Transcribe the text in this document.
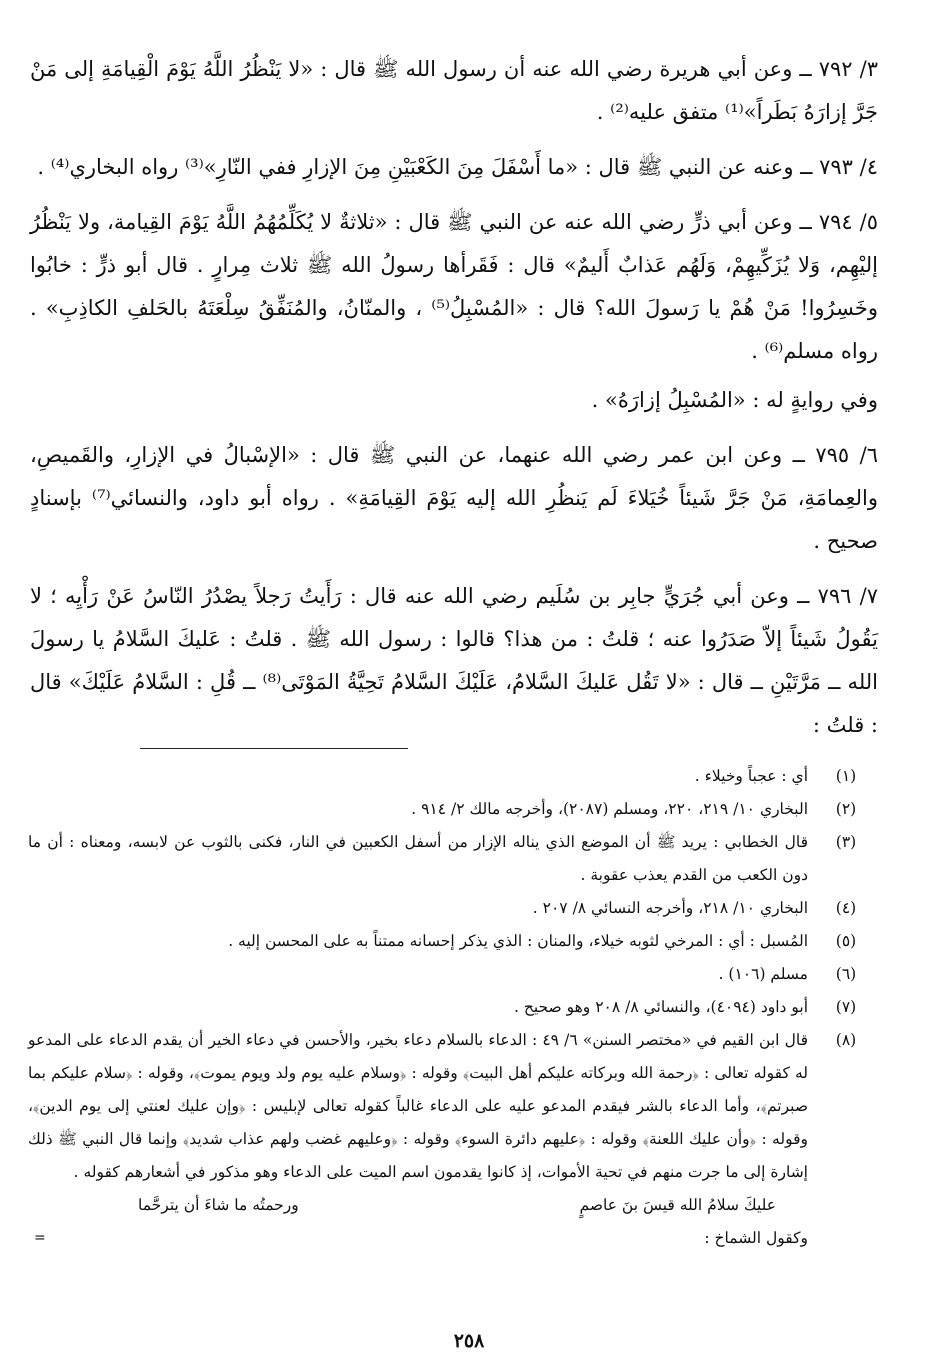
٣/ ٧٩٢ ــ وعن أبي هريرة رضي الله عنه أن رسول الله ﷺ قال : «لا يَنْظُرُ اللَّهُ يَوْمَ الْقِيامَةِ إلى مَنْ جَرَّ إزارَهُ بَطَراً»⁽¹⁾ متفق عليه⁽²⁾ .

٤/ ٧٩٣ ــ وعنه عن النبي ﷺ قال : «ما أَسْفَلَ مِنَ الكَعْبَيْنِ مِنَ الإزارِ ففي النّارِ»⁽³⁾ رواه البخاري⁽⁴⁾ .

٥/ ٧٩٤ ــ وعن أبي ذرٍّ رضي الله عنه عن النبي ﷺ قال : «ثلاثةٌ لا يُكَلِّمُهُمُ اللَّهُ يَوْمَ القِيامة، ولا يَنْظُرُ إليْهِم، وَلا يُزَكِّيهِمْ، وَلَهُم عَذابٌ أَليمٌ» قال : فَقَرأها رسولُ الله ﷺ ثلاث مِرارٍ . قال أبو ذرٍّ : خابُوا وخَسِرُوا! مَنْ هُمْ يا رَسولَ الله؟ قال : «المُسْبِلُ⁽⁵⁾ ، والمنّانُ، والمُنَفِّقُ سِلْعَتَهُ بالحَلفِ الكاذِبِ» . رواه مسلم⁽⁶⁾ .

وفي روايةٍ له : «المُسْبِلُ إزارَهُ» .

٦/ ٧٩٥ ــ وعن ابن عمر رضي الله عنهما، عن النبي ﷺ قال : «الإسْبالُ في الإزارِ، والقَميصِ، والعِمامَةِ، مَنْ جَرَّ شَيئاً خُيَلاءَ لَم يَنظُرِ الله إليه يَوْمَ القِيامَةِ» . رواه أبو داود، والنسائي⁽⁷⁾ بإسنادٍ صحيح .

٧/ ٧٩٦ ــ وعن أبي جُرَيٍّ جابِر بن سُلَيم رضي الله عنه قال : رَأَيتُ رَجلاً يصْدُرُ النّاسُ عَنْ رَأْيِه ؛ لا يَقُولُ شَيئاً إلاّ صَدَرُوا عنه ؛ قلتُ : من هذا؟ قالوا : رسول الله ﷺ . قلتُ : عَليكَ السَّلامُ يا رسولَ الله ــ مَرَّتَيْنِ ــ قال : «لا تَقُل عَليكَ السَّلامُ، عَلَيْكَ السَّلامُ تَحِيَّةُ المَوْتَى⁽⁸⁾ ــ قُلِ : السَّلامُ عَلَيْكَ» قال : قلتُ :

(١)
أي : عجباً وخيلاء .
(٢)
البخاري ١٠/ ٢١٩، ٢٢٠، ومسلم (٢٠٨٧)، وأخرجه مالك ٢/ ٩١٤ .
(٣)
قال الخطابي : يريد ﷺ أن الموضع الذي يناله الإزار من أسفل الكعبين في النار، فكنى بالثوب عن لابسه، ومعناه : أن ما دون الكعب من القدم يعذب عقوبة .
(٤)
البخاري ١٠/ ٢١٨، وأخرجه النسائي ٨/ ٢٠٧ .
(٥)
المُسبل : أي : المرخي لثوبه خيلاء، والمنان : الذي يذكر إحسانه ممتناً به على المحسن إليه .
(٦)
مسلم (١٠٦) .
(٧)
أبو داود (٤٠٩٤)، والنسائي ٨/ ٢٠٨ وهو صحيح .
(٨)
قال ابن القيم في «مختصر السنن» ٦/ ٤٩ : الدعاء بالسلام دعاء بخير، والأحسن في دعاء الخير أن يقدم الدعاء على المدعو له كقوله تعالى : ﴿رحمة الله وبركاته عليكم أهل البيت﴾ وقوله : ﴿وسلام عليه يوم ولد ويوم يموت﴾، وقوله : ﴿سلام عليكم بما صبرتم﴾، وأما الدعاء بالشر فيقدم المدعو عليه على الدعاء غالباً كقوله تعالى لإبليس : ﴿وإن عليك لعنتي إلى يوم الدين﴾، وقوله : ﴿وأن عليك اللعنة﴾ وقوله : ﴿عليهم دائرة السوء﴾ وقوله : ﴿وعليهم غضب ولهم عذاب شديد﴾ وإنما قال النبي ﷺ ذلك إشارة إلى ما جرت منهم في تحية الأموات، إذ كانوا يقدمون اسم الميت على الدعاء وهو مذكور في أشعارهم كقوله .
عليكَ سلامُ الله قيسَ بنَ عاصمٍ
ورحمتُه ما شاءَ أن يترحَّما
وكقول الشماخ :
=
٢٥٨
